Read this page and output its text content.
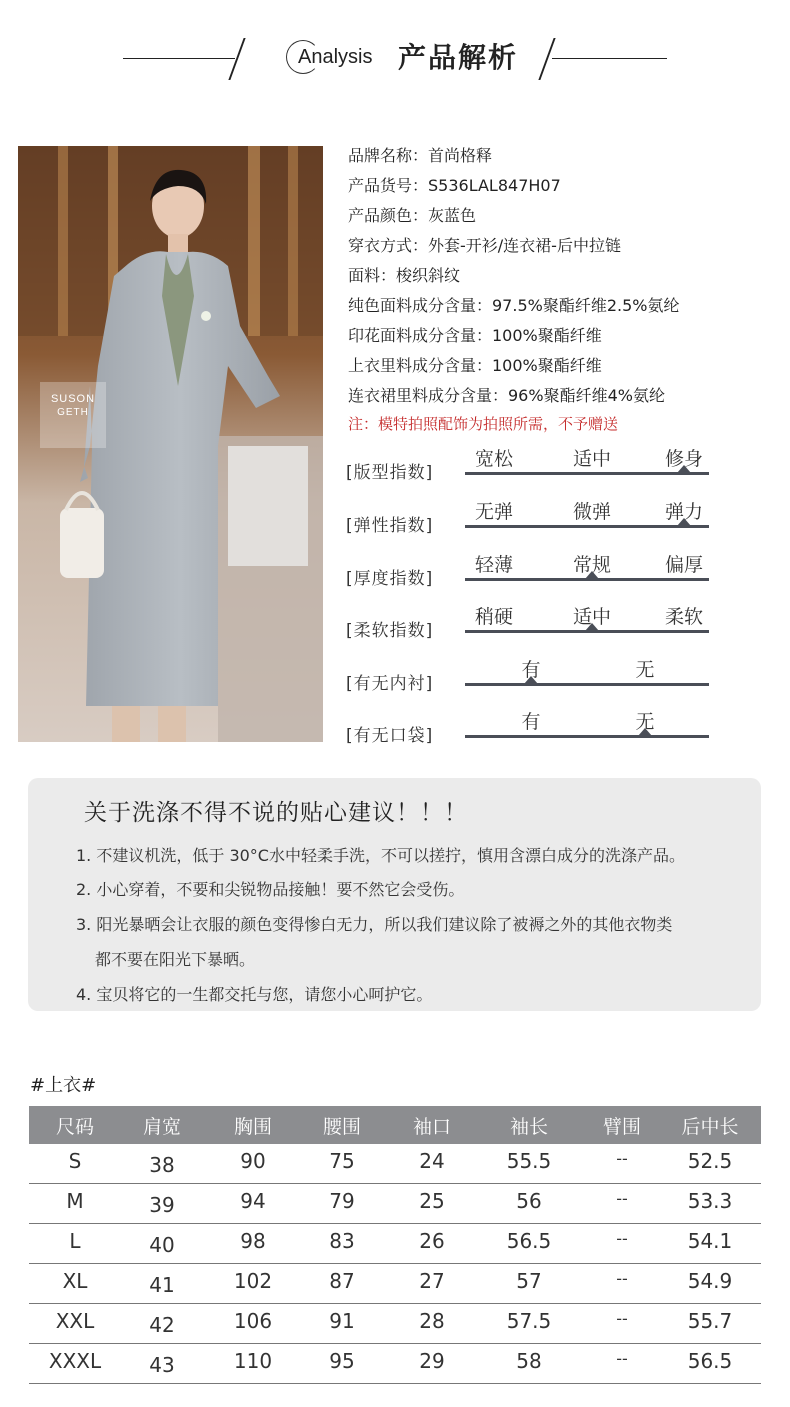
Analysis 产品解析
SUSON
GETH
品牌名称：首尚格释
产品货号：S536LAL847H07
产品颜色：灰蓝色
穿衣方式：外套-开衫/连衣裙-后中拉链
面料：梭织斜纹
纯色面料成分含量：97.5%聚酯纤维2.5%氨纶
印花面料成分含量：100%聚酯纤维
上衣里料成分含量：100%聚酯纤维
连衣裙里料成分含量：96%聚酯纤维4%氨纶
注：模特拍照配饰为拍照所需，不予赠送
[版型指数]
宽松	适中	修身
[弹性指数]
无弹	微弹	弹力
[厚度指数]
轻薄	常规	偏厚
[柔软指数]
稍硬	适中	柔软
[有无内衬]
有	无
[有无口袋]
有	无
关于洗涤不得不说的贴心建议！！！
1. 不建议机洗，低于 30°C水中轻柔手洗，不可以搓拧，慎用含漂白成分的洗涤产品。
2. 小心穿着，不要和尖锐物品接触！要不然它会受伤。
3. 阳光暴晒会让衣服的颜色变得惨白无力，所以我们建议除了被褥之外的其他衣物类
都不要在阳光下暴晒。
4. 宝贝将它的一生都交托与您，请您小心呵护它。
#上衣#
尺码	肩宽	胸围	腰围	袖口	袖长	臂围	后中长
S	38	90	75	24	55.5	--	52.5
M	39	94	79	25	56	--	53.3
L	40	98	83	26	56.5	--	54.1
XL	41	102	87	27	57	--	54.9
XXL	42	106	91	28	57.5	--	55.7
XXXL	43	110	95	29	58	--	56.5
